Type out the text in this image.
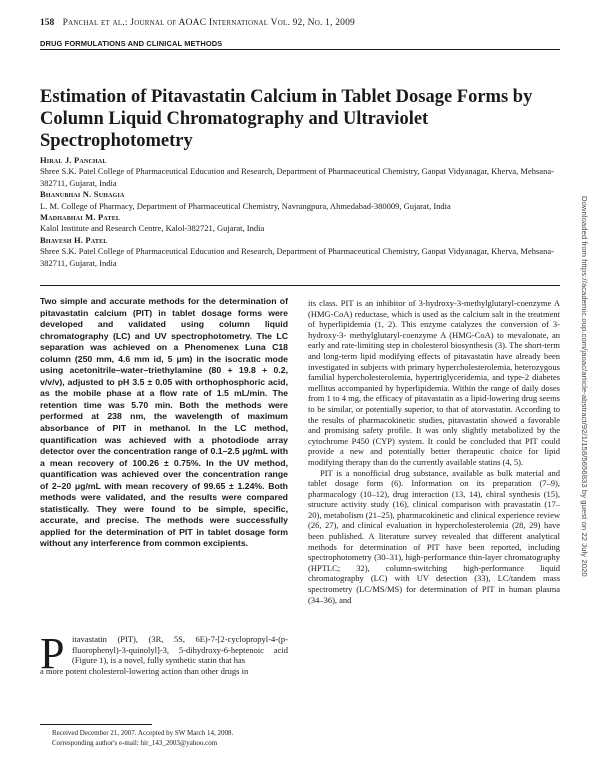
158 Panchal et al.: Journal of AOAC International Vol. 92, No. 1, 2009
DRUG FORMULATIONS AND CLINICAL METHODS
Estimation of Pitavastatin Calcium in Tablet Dosage Forms by Column Liquid Chromatography and Ultraviolet Spectrophotometry
Hiral J. Panchal
Shree S.K. Patel College of Pharmaceutical Education and Research, Department of Pharmaceutical Chemistry, Ganpat Vidyanagar, Kherva, Mehsana-382711, Gujarat, India
Bhanubhai N. Suhagia
L. M. College of Pharmacy, Department of Pharmaceutical Chemistry, Navrangpura, Ahmedabad-380009, Gujarat, India
Madhabhai M. Patel
Kalol Institute and Research Centre, Kalol-382721, Gujarat, India
Bhavesh H. Patel
Shree S.K. Patel College of Pharmaceutical Education and Research, Department of Pharmaceutical Chemistry, Ganpat Vidyanagar, Kherva, Mehsana-382711, Gujarat, India
Two simple and accurate methods for the determination of pitavastatin calcium (PIT) in tablet dosage forms were developed and validated using column liquid chromatography (LC) and UV spectrophotometry. The LC separation was achieved on a Phenomenex Luna C18 column (250 mm, 4.6 mm id, 5 μm) in the isocratic mode using acetonitrile–water–triethylamine (80 + 19.8 + 0.2, v/v/v), adjusted to pH 3.5 ± 0.05 with orthophosphoric acid, as the mobile phase at a flow rate of 1.5 mL/min. The retention time was 5.70 min. Both the methods were performed at 238 nm, the wavelength of maximum absorbance of PIT in methanol. In the LC method, quantification was achieved with a photodiode array detector over the concentration range of 0.1–2.5 μg/mL with a mean recovery of 100.26 ± 0.75%. In the UV method, quantification was achieved over the concentration range of 2–20 μg/mL with mean recovery of 99.65 ± 1.24%. Both methods were validated, and the results were compared statistically. They were found to be simple, specific, accurate, and precise. The methods were successfully applied for the determination of PIT in tablet dosage form without any interference from common excipients.
P itavastatin (PIT), (3R, 5S, 6E)-7-[2-cyclopropyl-4-(p-fluorophenyl)-3-quinolyl]-3, 5-dihydroxy-6-heptenoic acid (Figure 1), is a novel, fully synthetic statin that has
a more potent cholesterol-lowering action than other drugs in
Received December 21, 2007. Accepted by SW March 14, 2008.
Corresponding author's e-mail: hir_143_2003@yahoo.com

its class. PIT is an inhibitor of 3-hydroxy-3-methylglutaryl-coenzyme A (HMG-CoA) reductase, which is used as the calcium salt in the treatment of hyperlipidemia (1, 2). This enzyme catalyzes the conversion of 3-hydroxy-3- methylglutaryl-coenzyme A (HMG-CoA) to mevalonate, an early and rate-limiting step in cholesterol biosynthesis (3). The short-term and long-term lipid modifying effects of pitavastatin have already been investigated in subjects with primary hypercholesterolemia, heterozygous familial hypercholesterolemia, hypertriglyceridemia, and type-2 diabetes mellitus accompanied by hyperlipidemia. Within the range of daily doses from 1 to 4 mg, the efficacy of pitavastatin as a lipid-lowering drug seems to be similar, or potentially superior, to that of atorvastatin. According to the results of pharmacokinetic studies, pitavastatin showed a favorable and promising safety profile. It was only slightly metabolized by the cytochrome P450 (CYP) system. It could be concluded that PIT could provide a new and potentially better therapeutic choice for lipid modifying therapy than do the currently available statins (4, 5).

PIT is a nonofficial drug substance, available as bulk material and tablet dosage form (6). Information on its preparation (7–9), pharmacology (10–12), drug interaction (13, 14), chiral synthesis (15), structure activity study (16), clinical comparison with pravastatin (17–20), metabolism (21–25), pharmacokinetic and clinical experience review (26, 27), and clinical evaluation in hypercholesterolemia (28, 29) have been published. A literature survey revealed that different analytical methods for determination of PIT have been reported, including spectrophotometry (30–31), high-performance thin-layer chromatography (HPTLC; 32), column-switching high-performance liquid chromatography (LC) with UV detection (33), LC/tandem mass spectrometry (LC/MS/MS) for determination of PIT in human plasma (34–36), and

Downloaded from https://academic.oup.com/jaoac/article-abstract/92/1/158/5656833 by guest on 22 July 2020
